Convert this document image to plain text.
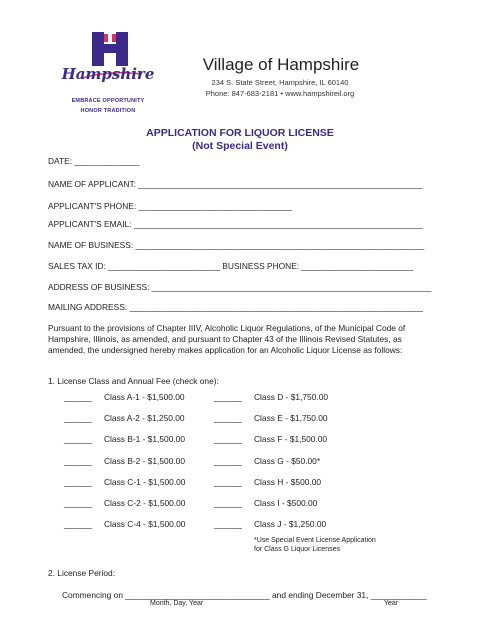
Hampshire
EMBRACE OPPORTUNITY
HONOR TRADITION
Village of Hampshire
234 S. State Street, Hampshire, IL 60140
Phone: 847-683-2181 • www.hampshireil.org
APPLICATION FOR LIQUOR LICENSE
(Not Special Event)
DATE: ______________
NAME OF APPLICANT: _____________________________________________________________
APPLICANT'S PHONE: _________________________________
APPLICANT'S EMAIL: ______________________________________________________________
NAME OF BUSINESS: ______________________________________________________________
SALES TAX ID: ________________________ BUSINESS PHONE: ________________________
ADDRESS OF BUSINESS: ____________________________________________________________
MAILING ADDRESS: _______________________________________________________________
Pursuant to the provisions of Chapter IIIV, Alcoholic Liquor Regulations, of the Municipal Code of Hampshire, Illinois, as amended, and pursuant to Chapter 43 of the Illinois Revised Statutes, as amended, the undersigned hereby makes application for an Alcoholic Liquor License as follows:
1. License Class and Annual Fee (check one):
______ Class A-1 - $1,500.00	______ Class D - $1,750.00
______ Class A-2 - $1,250.00	______ Class E - $1,750.00
______ Class B-1 - $1,500.00	______ Class F - $1,500.00
______ Class B-2 - $1,500.00	______ Class G - $50.00*
______ Class C-1 - $1,500.00	______ Class H - $500.00
______ Class C-2 - $1,500.00	______ Class I - $500.00
______ Class C-4 - $1,500.00	______ Class J - $1,250.00
*Use Special Event License Application
for Class G Liquor Licenses
2. License Period:
Commencing on _______________________________ and ending December 31, ____________
Month, Day, Year	Year
